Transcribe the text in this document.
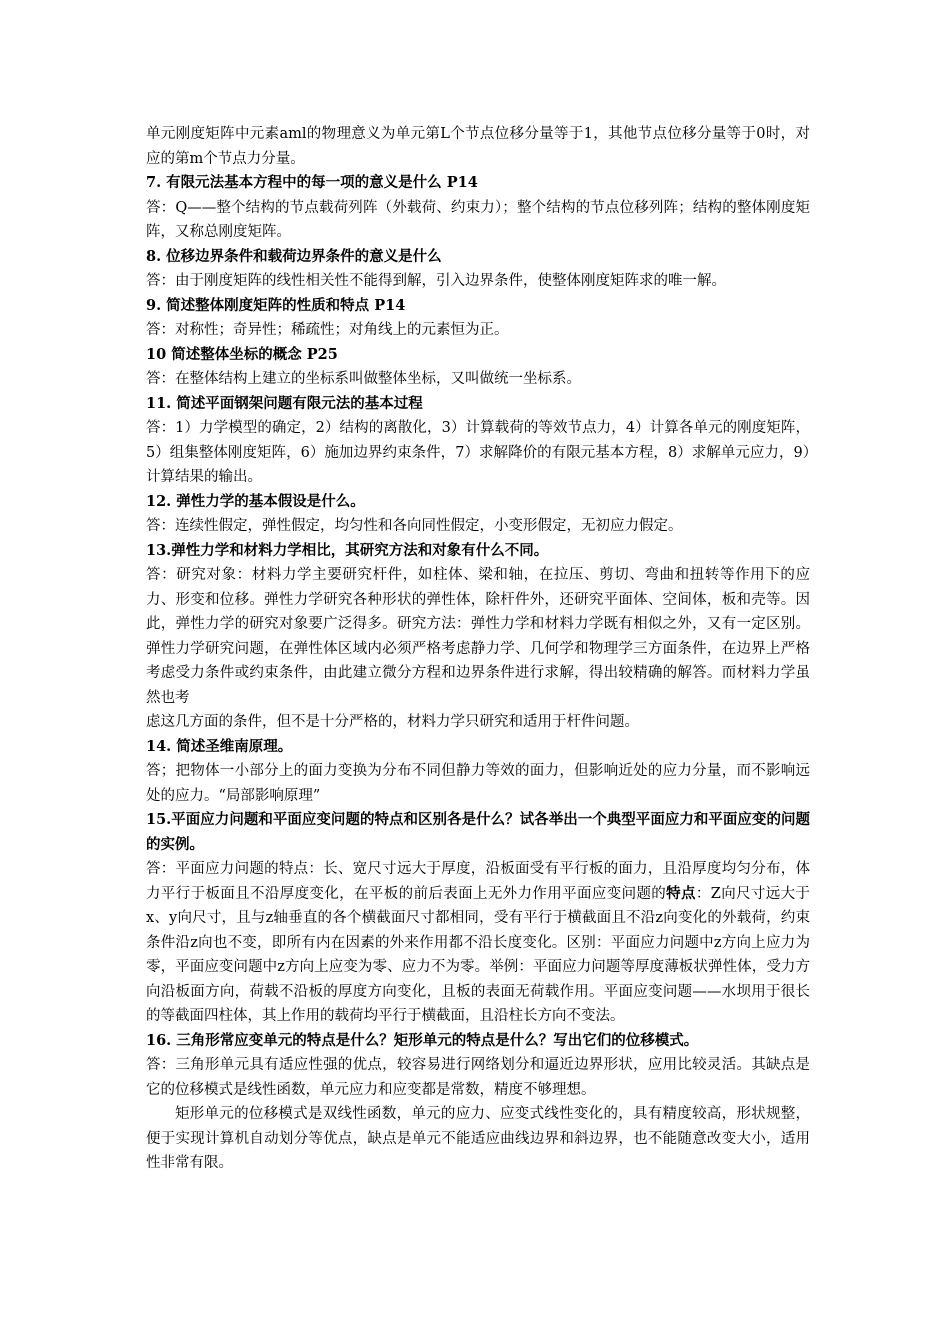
单元刚度矩阵中元素aml的物理意义为单元第L个节点位移分量等于1，其他节点位移分量等于0时，对应的第m个节点力分量。

7. 有限元法基本方程中的每一项的意义是什么 P14

答：Q——整个结构的节点载荷列阵（外载荷、约束力）；整个结构的节点位移列阵；结构的整体刚度矩阵，又称总刚度矩阵。

8. 位移边界条件和载荷边界条件的意义是什么

答：由于刚度矩阵的线性相关性不能得到解，引入边界条件，使整体刚度矩阵求的唯一解。

9. 简述整体刚度矩阵的性质和特点 P14

答：对称性；奇异性；稀疏性；对角线上的元素恒为正。

10 简述整体坐标的概念 P25

答：在整体结构上建立的坐标系叫做整体坐标，又叫做统一坐标系。

11. 简述平面钢架问题有限元法的基本过程

答：1）力学模型的确定，2）结构的离散化，3）计算载荷的等效节点力，4）计算各单元的刚度矩阵，5）组集整体刚度矩阵，6）施加边界约束条件，7）求解降价的有限元基本方程，8）求解单元应力，9）计算结果的输出。

12. 弹性力学的基本假设是什么。

答：连续性假定，弹性假定，均匀性和各向同性假定，小变形假定，无初应力假定。

13.弹性力学和材料力学相比，其研究方法和对象有什么不同。

答：研究对象：材料力学主要研究杆件，如柱体、梁和轴，在拉压、剪切、弯曲和扭转等作用下的应力、形变和位移。弹性力学研究各种形状的弹性体，除杆件外，还研究平面体、空间体，板和壳等。因此，弹性力学的研究对象要广泛得多。研究方法：弹性力学和材料力学既有相似之外，又有一定区别。弹性力学研究问题，在弹性体区域内必须严格考虑静力学、几何学和物理学三方面条件，在边界上严格考虑受力条件或约束条件，由此建立微分方程和边界条件进行求解，得出较精确的解答。而材料力学虽然也考

虑这几方面的条件，但不是十分严格的，材料力学只研究和适用于杆件问题。

14. 简述圣维南原理。

答；把物体一小部分上的面力变换为分布不同但静力等效的面力，但影响近处的应力分量，而不影响远处的应力。“局部影响原理”

15.平面应力问题和平面应变问题的特点和区别各是什么？试各举出一个典型平面应力和平面应变的问题的实例。

答：平面应力问题的特点：长、宽尺寸远大于厚度，沿板面受有平行板的面力，且沿厚度均匀分布，体力平行于板面且不沿厚度变化，在平板的前后表面上无外力作用平面应变问题的特点：Z向尺寸远大于x、y向尺寸，且与z轴垂直的各个横截面尺寸都相同，受有平行于横截面且不沿z向变化的外载荷，约束条件沿z向也不变，即所有内在因素的外来作用都不沿长度变化。区别：平面应力问题中z方向上应力为零，平面应变问题中z方向上应变为零、应力不为零。举例：平面应力问题等厚度薄板状弹性体，受力方向沿板面方向，荷载不沿板的厚度方向变化，且板的表面无荷载作用。平面应变问题——水坝用于很长的等截面四柱体，其上作用的载荷均平行于横截面，且沿柱长方向不变法。

16. 三角形常应变单元的特点是什么？矩形单元的特点是什么？写出它们的位移模式。

答：三角形单元具有适应性强的优点，较容易进行网络划分和逼近边界形状，应用比较灵活。其缺点是它的位移模式是线性函数，单元应力和应变都是常数，精度不够理想。

矩形单元的位移模式是双线性函数，单元的应力、应变式线性变化的，具有精度较高，形状规整，便于实现计算机自动划分等优点，缺点是单元不能适应曲线边界和斜边界，也不能随意改变大小，适用性非常有限。
